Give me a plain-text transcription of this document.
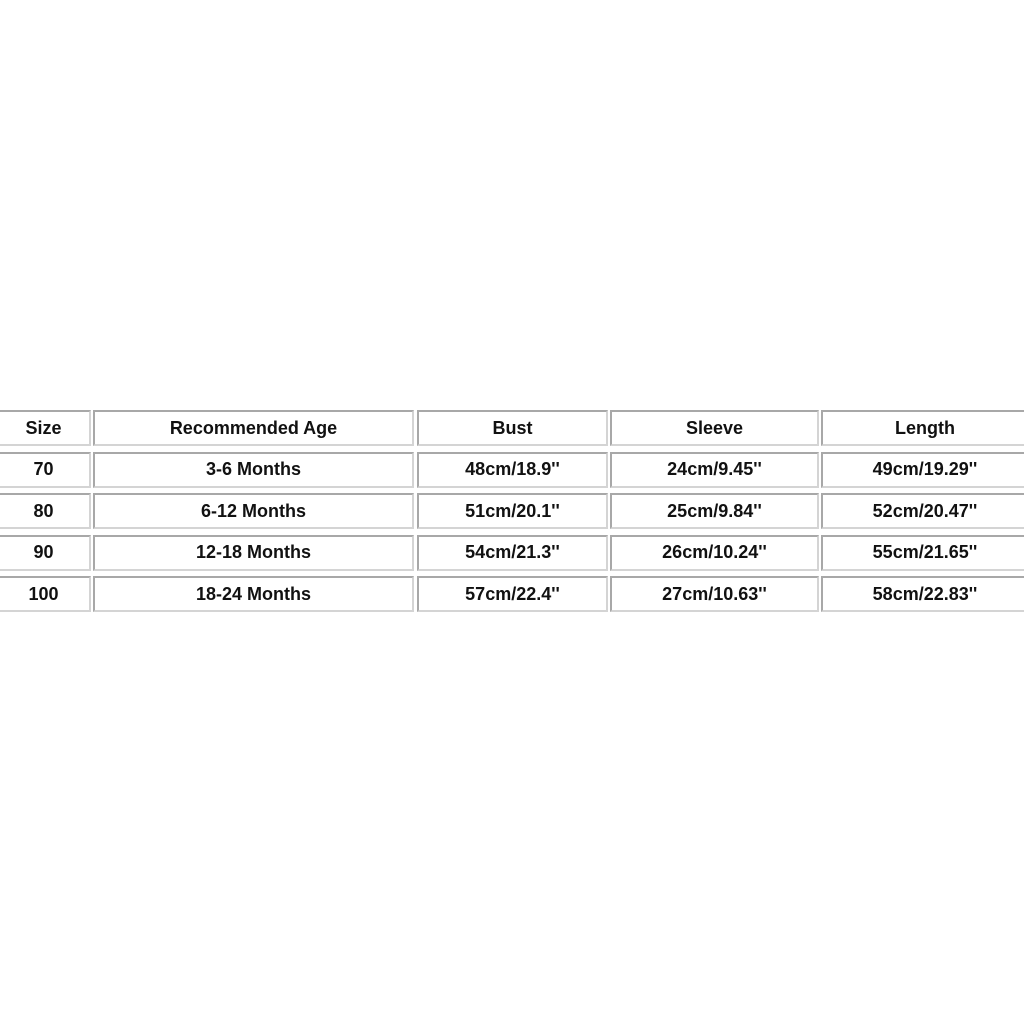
Size	Recommended Age	Bust	Sleeve	Length
70	3-6 Months	48cm/18.9''	24cm/9.45''	49cm/19.29''
80	6-12 Months	51cm/20.1''	25cm/9.84''	52cm/20.47''
90	12-18 Months	54cm/21.3''	26cm/10.24''	55cm/21.65''
100	18-24 Months	57cm/22.4''	27cm/10.63''	58cm/22.83''
